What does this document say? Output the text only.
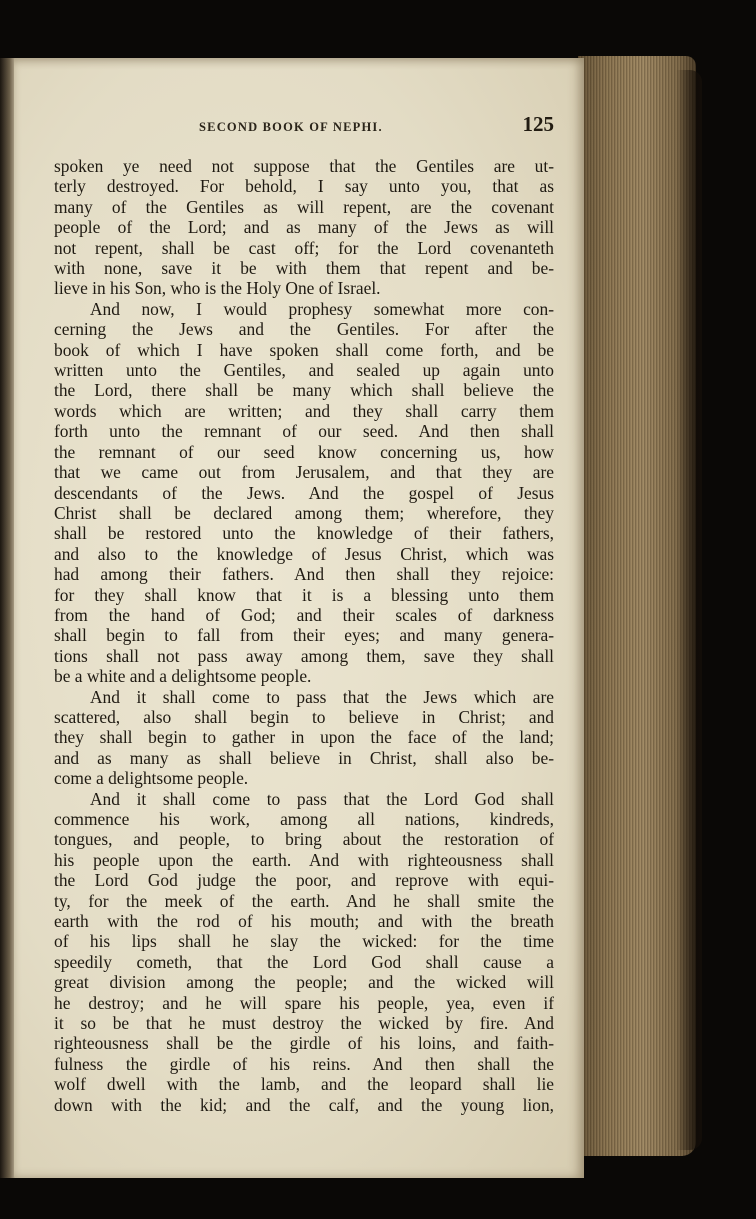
SECOND BOOK OF NEPHI.	125
spoken ye need not suppose that the Gentiles are ut-
terly destroyed. For behold, I say unto you, that as
many of the Gentiles as will repent, are the covenant
people of the Lord; and as many of the Jews as will
not repent, shall be cast off; for the Lord covenanteth
with none, save it be with them that repent and be-
lieve in his Son, who is the Holy One of Israel.
And now, I would prophesy somewhat more con-
cerning the Jews and the Gentiles. For after the
book of which I have spoken shall come forth, and be
written unto the Gentiles, and sealed up again unto
the Lord, there shall be many which shall believe the
words which are written; and they shall carry them
forth unto the remnant of our seed. And then shall
the remnant of our seed know concerning us, how
that we came out from Jerusalem, and that they are
descendants of the Jews. And the gospel of Jesus
Christ shall be declared among them; wherefore, they
shall be restored unto the knowledge of their fathers,
and also to the knowledge of Jesus Christ, which was
had among their fathers. And then shall they rejoice:
for they shall know that it is a blessing unto them
from the hand of God; and their scales of darkness
shall begin to fall from their eyes; and many genera-
tions shall not pass away among them, save they shall
be a white and a delightsome people.
And it shall come to pass that the Jews which are
scattered, also shall begin to believe in Christ; and
they shall begin to gather in upon the face of the land;
and as many as shall believe in Christ, shall also be-
come a delightsome people.
And it shall come to pass that the Lord God shall
commence his work, among all nations, kindreds,
tongues, and people, to bring about the restoration of
his people upon the earth. And with righteousness shall
the Lord God judge the poor, and reprove with equi-
ty, for the meek of the earth. And he shall smite the
earth with the rod of his mouth; and with the breath
of his lips shall he slay the wicked: for the time
speedily cometh, that the Lord God shall cause a
great division among the people; and the wicked will
he destroy; and he will spare his people, yea, even if
it so be that he must destroy the wicked by fire. And
righteousness shall be the girdle of his loins, and faith-
fulness the girdle of his reins. And then shall the
wolf dwell with the lamb, and the leopard shall lie
down with the kid; and the calf, and the young lion,
